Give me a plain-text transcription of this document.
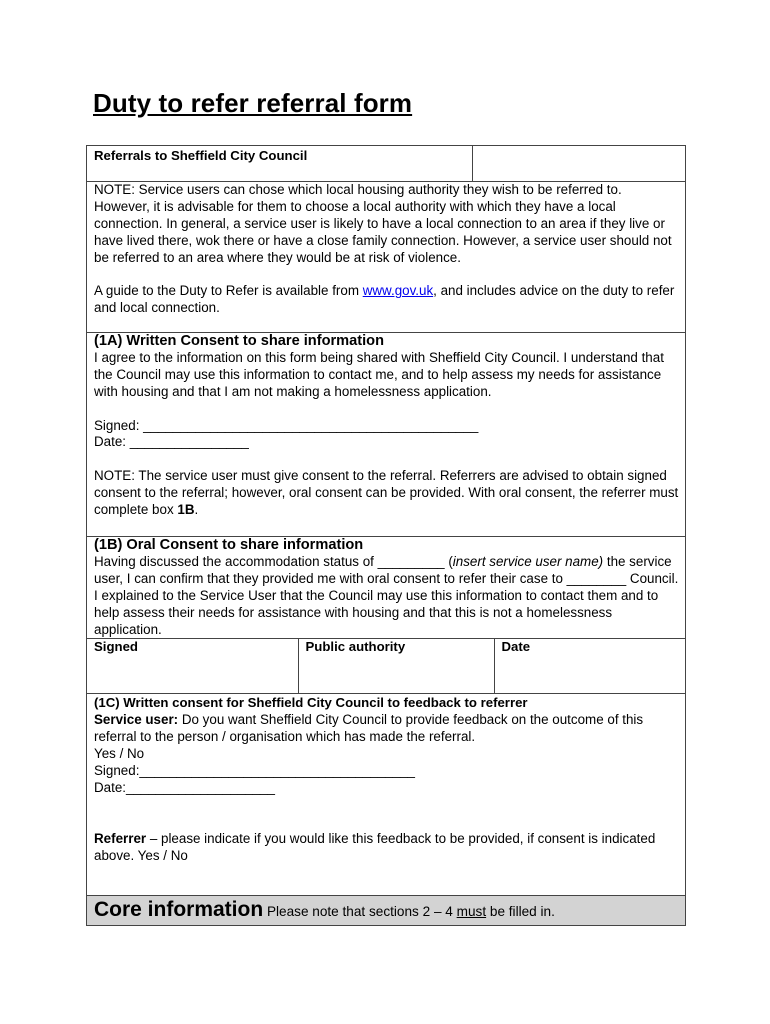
Duty to refer referral form
Referrals to Sheffield City Council	

NOTE: Service users can chose which local housing authority they wish to be referred to. However, it is advisable for them to choose a local authority with which they have a local connection. In general, a service user is likely to have a local connection to an area if they live or have lived there, wok there or have a close family connection. However, a service user should not be referred to an area where they would be at risk of violence.
A guide to the Duty to Refer is available from www.gov.uk, and includes advice on the duty to refer and local connection.

(1A) Written Consent to share information
I agree to the information on this form being shared with Sheffield City Council. I understand that the Council may use this information to contact me, and to help assess my needs for assistance with housing and that I am not making a homelessness application.
Signed: _____________________________________________
Date: ________________
NOTE: The service user must give consent to the referral. Referrers are advised to obtain signed consent to the referral; however, oral consent can be provided. With oral consent, the referrer must complete box 1B.

(1B) Oral Consent to share information
Having discussed the accommodation status of _________ (insert service user name) the service user, I can confirm that they provided me with oral consent to refer their case to ________ Council. I explained to the Service User that the Council may use this information to contact them and to help assess their needs for assistance with housing and that this is not a homelessness application.

Signed	Public authority	Date

(1C) Written consent for Sheffield City Council to feedback to referrer
Service user: Do you want Sheffield City Council to provide feedback on the outcome of this referral to the person / organisation which has made the referral.
Yes / No
Signed:_____________________________________
Date:____________________
Referrer – please indicate if you would like this feedback to be provided, if consent is indicated above. Yes / No

Core information Please note that sections 2 – 4 must be filled in.
